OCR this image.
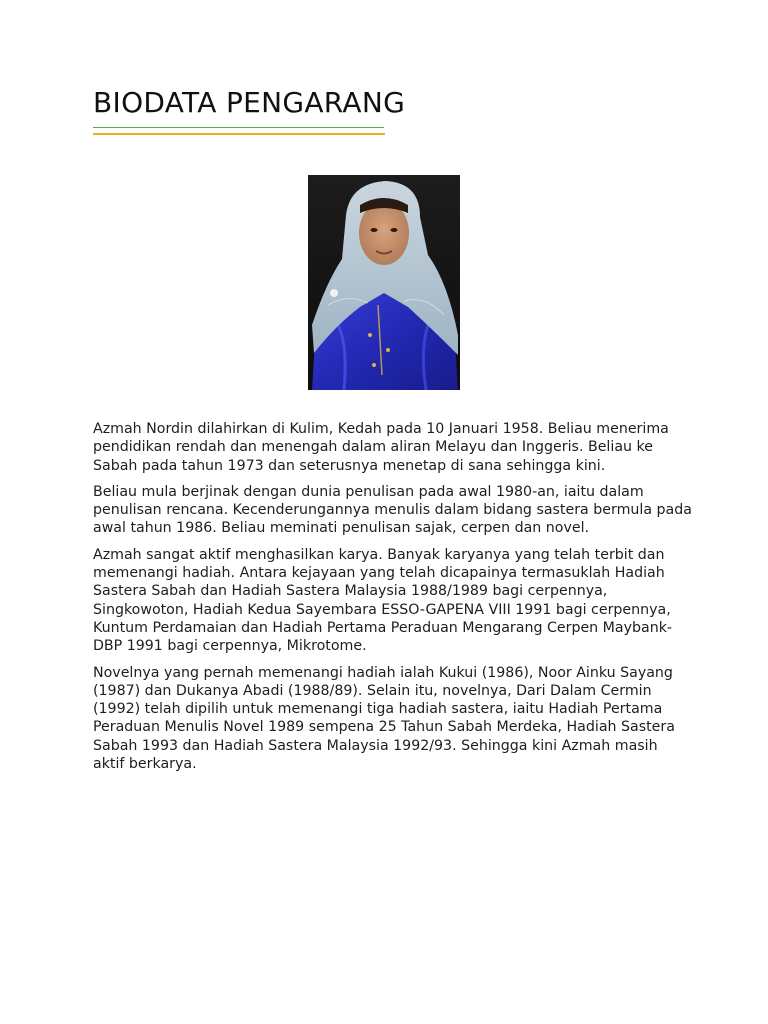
BIODATA PENGARANG

Azmah Nordin dilahirkan di Kulim, Kedah pada 10 Januari 1958. Beliau menerima pendidikan rendah dan menengah dalam aliran Melayu dan Inggeris. Beliau ke Sabah pada tahun 1973 dan seterusnya menetap di sana sehingga kini.

Beliau mula berjinak dengan dunia penulisan pada awal 1980-an, iaitu dalam penulisan rencana. Kecenderungannya menulis dalam bidang sastera bermula pada awal tahun 1986. Beliau meminati penulisan sajak, cerpen dan novel.

Azmah sangat aktif menghasilkan karya. Banyak karyanya yang telah terbit dan memenangi hadiah. Antara kejayaan yang telah dicapainya termasuklah Hadiah Sastera Sabah dan Hadiah Sastera Malaysia 1988/1989 bagi cerpennya, Singkowoton, Hadiah Kedua Sayembara ESSO-GAPENA VIII 1991 bagi cerpennya, Kuntum Perdamaian dan Hadiah Pertama Peraduan Mengarang Cerpen Maybank-DBP 1991 bagi cerpennya, Mikrotome.

Novelnya yang pernah memenangi hadiah ialah Kukui (1986), Noor Ainku Sayang (1987) dan Dukanya Abadi (1988/89). Selain itu, novelnya, Dari Dalam Cermin (1992) telah dipilih untuk memenangi tiga hadiah sastera, iaitu Hadiah Pertama Peraduan Menulis Novel 1989 sempena 25 Tahun Sabah Merdeka, Hadiah Sastera Sabah 1993 dan Hadiah Sastera Malaysia 1992/93. Sehingga kini Azmah masih aktif berkarya.
